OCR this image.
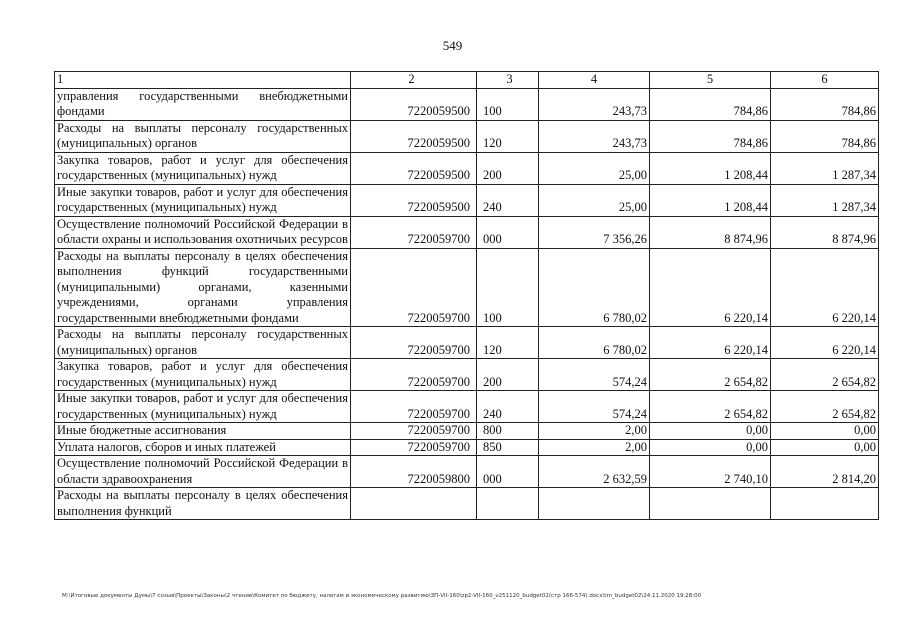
549
1	2	3	4	5	6
управления государственными внебюджетными фондами	7220059500	100	243,73	784,86	784,86
Расходы на выплаты персоналу государственных (муниципальных) органов	7220059500	120	243,73	784,86	784,86
Закупка товаров, работ и услуг для обеспечения государственных (муниципальных) нужд	7220059500	200	25,00	1 208,44	1 287,34
Иные закупки товаров, работ и услуг для обеспечения государственных (муниципальных) нужд	7220059500	240	25,00	1 208,44	1 287,34
Осуществление полномочий Российской Федерации в области охраны и использования охотничьих ресурсов	7220059700	000	7 356,26	8 874,96	8 874,96
Расходы на выплаты персоналу в целях обеспечения выполнения функций государственными (муниципальными) органами, казенными учреждениями, органами управления государственными внебюджетными фондами	7220059700	100	6 780,02	6 220,14	6 220,14
Расходы на выплаты персоналу государственных (муниципальных) органов	7220059700	120	6 780,02	6 220,14	6 220,14
Закупка товаров, работ и услуг для обеспечения государственных (муниципальных) нужд	7220059700	200	574,24	2 654,82	2 654,82
Иные закупки товаров, работ и услуг для обеспечения государственных (муниципальных) нужд	7220059700	240	574,24	2 654,82	2 654,82
Иные бюджетные ассигнования	7220059700	800	2,00	0,00	0,00
Уплата налогов, сборов и иных платежей	7220059700	850	2,00	0,00	0,00
Осуществление полномочий Российской Федерации в области здравоохранения	7220059800	000	2 632,59	2 740,10	2 814,20
Расходы на выплаты персоналу в целях обеспечения выполнения функций					
M:\Итоговые документы Думы\7 созыв\Проекты\Законы\2 чтение\Комитет по бюджету, налогам и экономическому развитию\ЗП-VII-160\zp2-VII-160_v251120_budget02(стр 166-574).docx\trn_budget02\24.11.2020 19:28:00
